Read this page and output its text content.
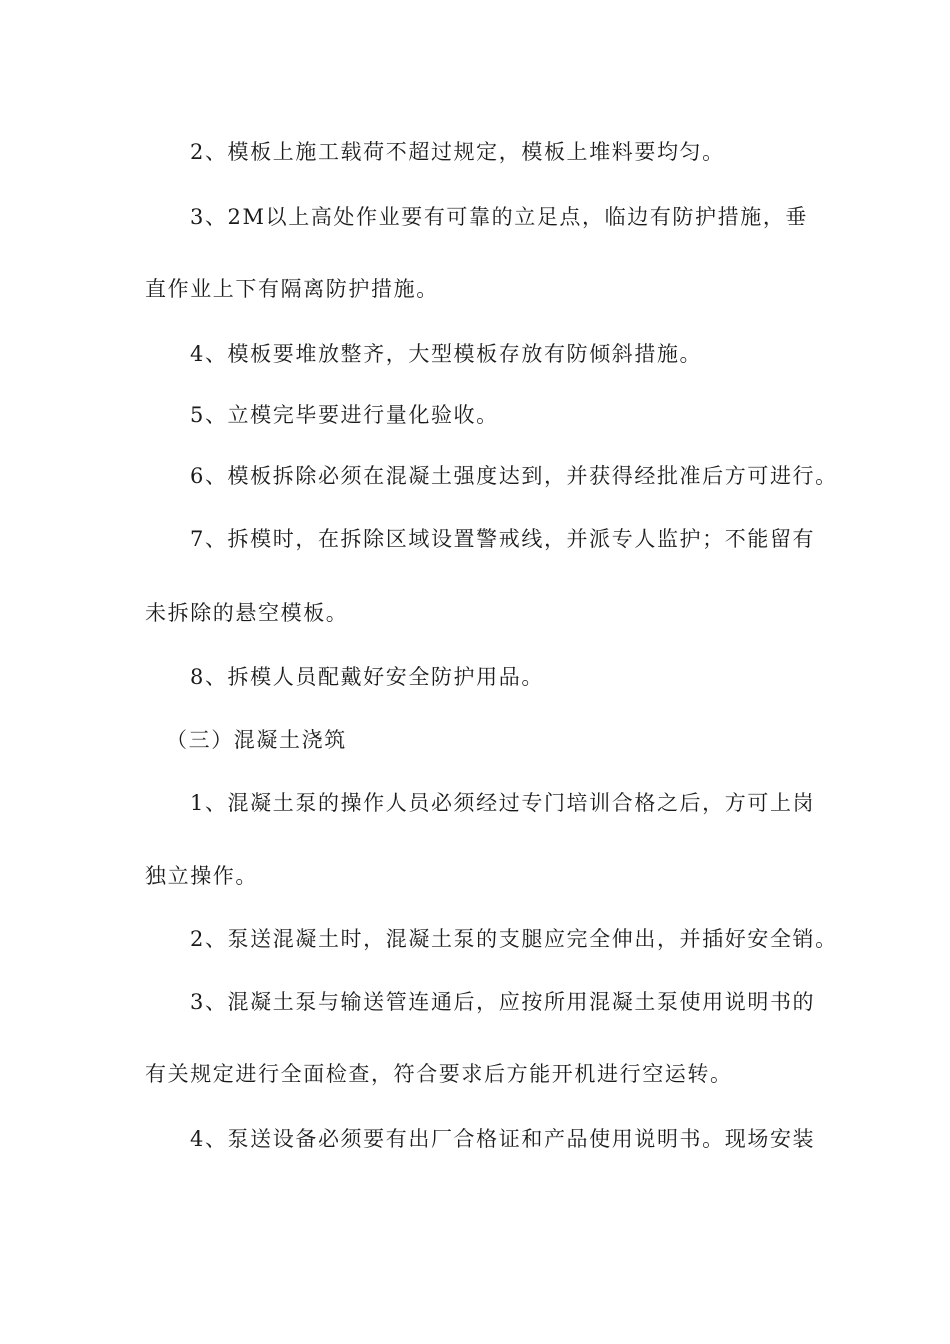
2、模板上施工载荷不超过规定，模板上堆料要均匀。
3、2M以上高处作业要有可靠的立足点，临边有防护措施，垂
直作业上下有隔离防护措施。
4、模板要堆放整齐，大型模板存放有防倾斜措施。
5、立模完毕要进行量化验收。
6、模板拆除必须在混凝土强度达到，并获得经批准后方可进行。
7、拆模时，在拆除区域设置警戒线，并派专人监护；不能留有
未拆除的悬空模板。
8、拆模人员配戴好安全防护用品。
（三）混凝土浇筑
1、混凝土泵的操作人员必须经过专门培训合格之后，方可上岗
独立操作。
2、泵送混凝土时，混凝土泵的支腿应完全伸出，并插好安全销。
3、混凝土泵与输送管连通后，应按所用混凝土泵使用说明书的
有关规定进行全面检查，符合要求后方能开机进行空运转。
4、泵送设备必须要有出厂合格证和产品使用说明书。现场安装
